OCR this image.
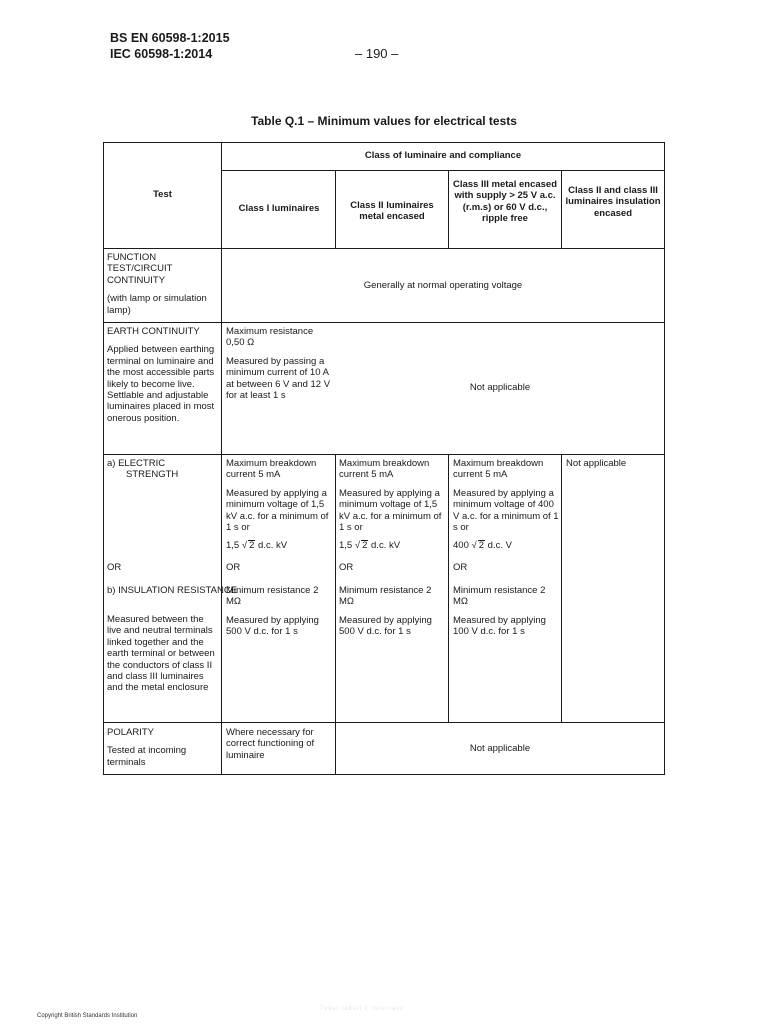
BS EN 60598-1:2015
IEC 60598-1:2014	– 190 –
Table Q.1 – Minimum values for electrical tests
Class of luminaire and compliance
Test
Class I luminaires	Class II luminaires metal encased
Class III metal encased with supply > 25 V a.c. (r.m.s) or 60 V d.c., ripple free
Class II and class III luminaires insulation encased

FUNCTION TEST/CIRCUIT CONTINUITY

(with lamp or simulation lamp)

Generally at normal operating voltage

EARTH CONTINUITY

Applied between earthing terminal on luminaire and the most accessible parts likely to become live. Settlable and adjustable luminaires placed in most onerous position.

Maximum resistance 0,50 Ω

Measured by passing a minimum current of 10 A at between 6 V and 12 V for at least 1 s

Not applicable
a) ELECTRIC STRENGTH
OR
b) INSULATION RESISTANCE
Measured between the live and neutral terminals linked together and the earth terminal or between the conductors of class II and class III luminaires and the metal enclosure

Maximum breakdown current 5 mA

Measured by applying a minimum voltage of 1,5 kV a.c. for a minimum of 1 s or

1,5 √ 2 d.c. kV
OR

Minimum resistance 2 MΩ

Measured by applying 500 V d.c. for 1 s

Maximum breakdown current 5 mA

Measured by applying a minimum voltage of 1,5 kV a.c. for a minimum of 1 s or

1,5 √ 2 d.c. kV
OR

Minimum resistance 2 MΩ

Measured by applying 500 V d.c. for 1 s

Maximum breakdown current 5 mA

Measured by applying a minimum voltage of 400 V a.c. for a minimum of 1 s or

400 √ 2 d.c. V
OR

Minimum resistance 2 MΩ

Measured by applying 100 V d.c. for 1 s

Not applicable

POLARITY

Tested at incoming terminals

Where necessary for correct functioning of luminaire
Not applicable
Copyright British Standards Institution
Tekst tabeli z internetu
